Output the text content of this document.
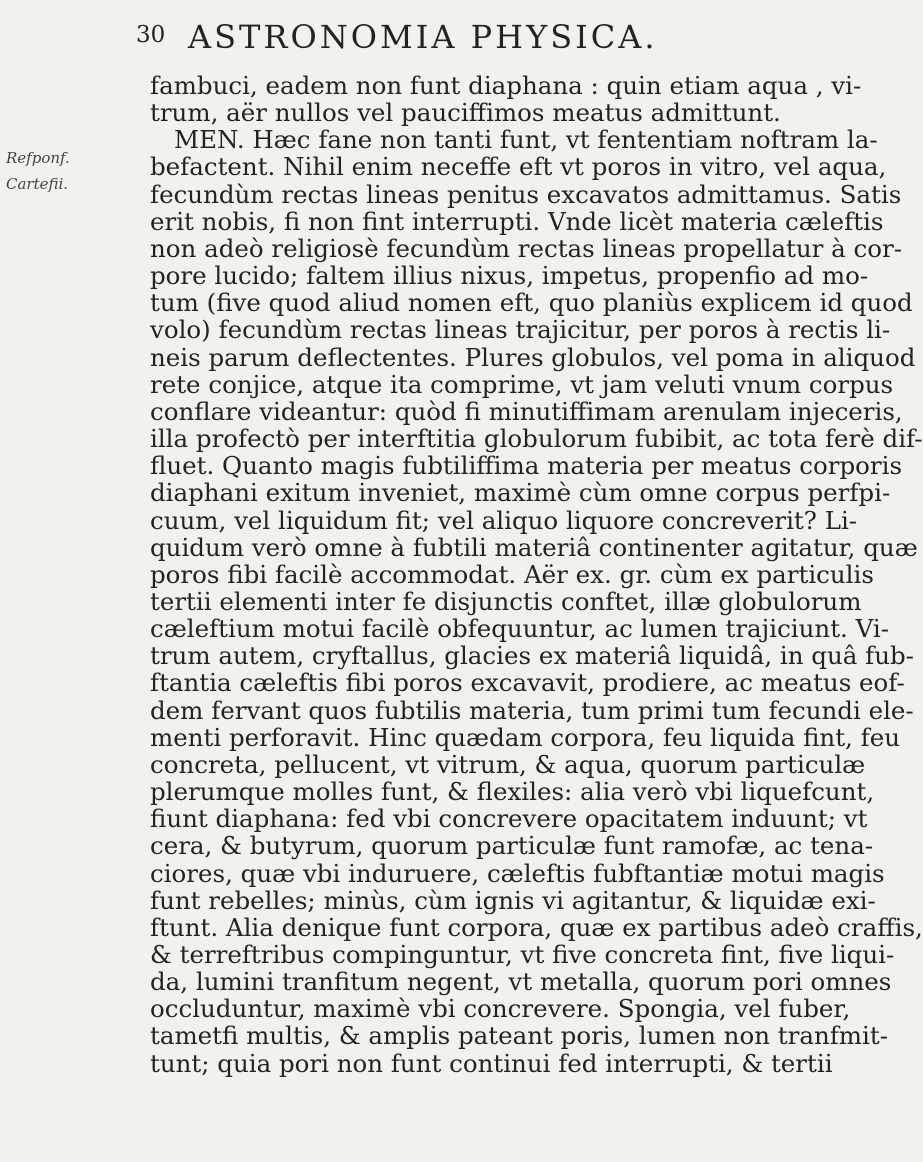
30 ASTRONOMIA PHYSICA.
Refponf.
Cartefii.
fambuci, eadem non funt diaphana : quin etiam aqua , vi-
trum, aër nullos vel pauciffimos meatus admittunt.
MEN. Hæc fane non tanti funt, vt fententiam noftram la-
befactent. Nihil enim neceffe eft vt poros in vitro, vel aqua,
fecundùm rectas lineas penitus excavatos admittamus. Satis
erit nobis, fi non fint interrupti. Vnde licèt materia cæleftis
non adeò religiosè fecundùm rectas lineas propellatur à cor-
pore lucido; faltem illius nixus, impetus, propenfio ad mo-
tum (five quod aliud nomen eft, quo planiùs explicem id quod
volo) fecundùm rectas lineas trajicitur, per poros à rectis li-
neis parum deflectentes. Plures globulos, vel poma in aliquod
rete conjice, atque ita comprime, vt jam veluti vnum corpus
conflare videantur: quòd fi minutiffimam arenulam injeceris,
illa profectò per interftitia globulorum fubibit, ac tota ferè dif-
fluet. Quanto magis fubtiliffima materia per meatus corporis
diaphani exitum inveniet, maximè cùm omne corpus perfpi-
cuum, vel liquidum fit; vel aliquo liquore concreverit? Li-
quidum verò omne à fubtili materiâ continenter agitatur, quæ
poros fibi facilè accommodat. Aër ex. gr. cùm ex particulis
tertii elementi inter fe disjunctis conftet, illæ globulorum
cæleftium motui facilè obfequuntur, ac lumen trajiciunt. Vi-
trum autem, cryftallus, glacies ex materiâ liquidâ, in quâ fub-
ftantia cæleftis fibi poros excavavit, prodiere, ac meatus eof-
dem fervant quos fubtilis materia, tum primi tum fecundi ele-
menti perforavit. Hinc quædam corpora, feu liquida fint, feu
concreta, pellucent, vt vitrum, & aqua, quorum particulæ
plerumque molles funt, & flexiles: alia verò vbi liquefcunt,
fiunt diaphana: fed vbi concrevere opacitatem induunt; vt
cera, & butyrum, quorum particulæ funt ramofæ, ac tena-
ciores, quæ vbi induruere, cæleftis fubftantiæ motui magis
funt rebelles; minùs, cùm ignis vi agitantur, & liquidæ exi-
ftunt. Alia denique funt corpora, quæ ex partibus adeò craffis,
& terreftribus compinguntur, vt five concreta fint, five liqui-
da, lumini tranfitum negent, vt metalla, quorum pori omnes
occluduntur, maximè vbi concrevere. Spongia, vel fuber,
tametfi multis, & amplis pateant poris, lumen non tranfmit-
tunt; quia pori non funt continui fed interrupti, & tertii
